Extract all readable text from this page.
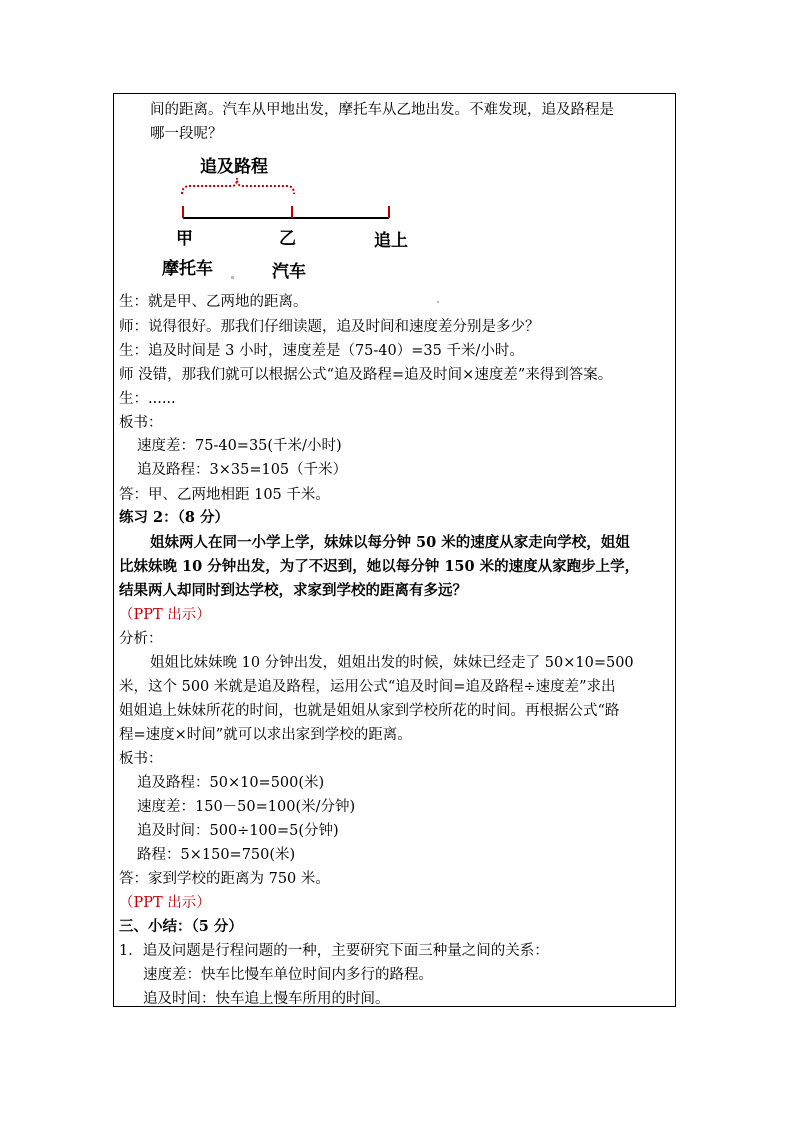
间的距离。汽车从甲地出发，摩托车从乙地出发。不难发现，追及路程是
哪一段呢？
追及路程
甲	乙	追上
摩托车	汽车
生：就是甲、乙两地的距离。
师：说得很好。那我们仔细读题，追及时间和速度差分别是多少？
生：追及时间是 3 小时，速度差是（75-40）=35 千米/小时。
师 没错，那我们就可以根据公式“追及路程=追及时间×速度差”来得到答案。
生：......
板书：
速度差：75-40=35(千米/小时)
追及路程：3×35=105（千米）
答：甲、乙两地相距 105 千米。
练习 2：（8 分）
姐妹两人在同一小学上学，妹妹以每分钟 50 米的速度从家走向学校，姐姐
比妹妹晚 10 分钟出发，为了不迟到，她以每分钟 150 米的速度从家跑步上学，
结果两人却同时到达学校，求家到学校的距离有多远？
（PPT 出示）
分析：
姐姐比妹妹晚 10 分钟出发，姐姐出发的时候，妹妹已经走了 50×10=500
米，这个 500 米就是追及路程，运用公式“追及时间=追及路程÷速度差”求出
姐姐追上妹妹所花的时间，也就是姐姐从家到学校所花的时间。再根据公式“路
程=速度×时间”就可以求出家到学校的距离。
板书：
追及路程：50×10=500(米)
速度差：150－50=100(米/分钟)
追及时间：500÷100=5(分钟)
路程：5×150=750(米)
答：家到学校的距离为 750 米。
（PPT 出示）
三、小结：（5 分）
1．追及问题是行程问题的一种，主要研究下面三种量之间的关系：
速度差：快车比慢车单位时间内多行的路程。
追及时间：快车追上慢车所用的时间。
